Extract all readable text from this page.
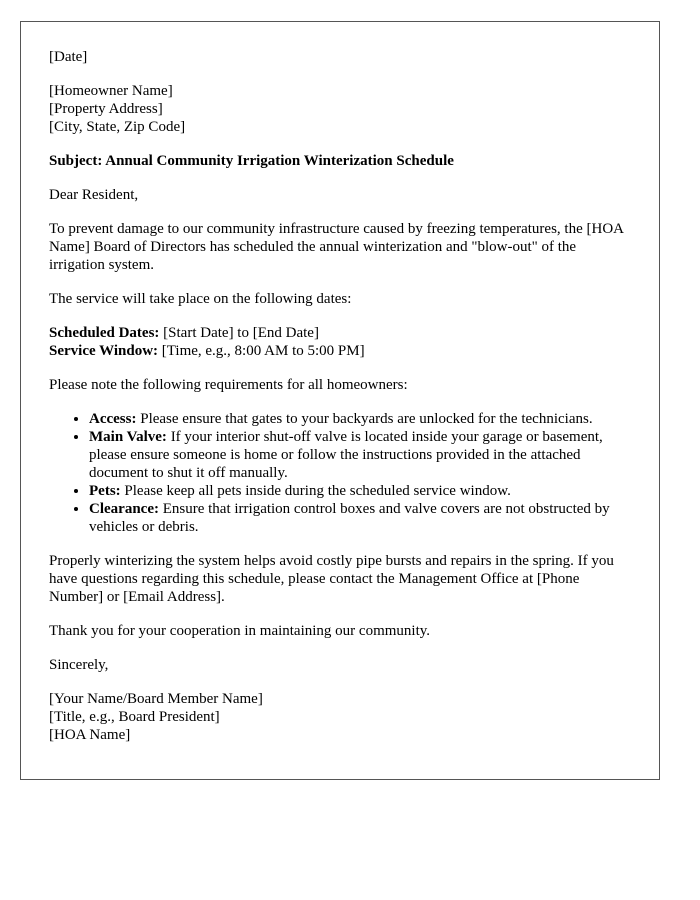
[Date]

[Homeowner Name]
[Property Address]
[City, State, Zip Code]

Subject: Annual Community Irrigation Winterization Schedule

Dear Resident,

To prevent damage to our community infrastructure caused by freezing temperatures, the [HOA Name] Board of Directors has scheduled the annual winterization and "blow-out" of the irrigation system.

The service will take place on the following dates:

Scheduled Dates: [Start Date] to [End Date]
Service Window: [Time, e.g., 8:00 AM to 5:00 PM]

Please note the following requirements for all homeowners:

• Access: Please ensure that gates to your backyards are unlocked for the technicians.
• Main Valve: If your interior shut-off valve is located inside your garage or basement, please ensure someone is home or follow the instructions provided in the attached document to shut it off manually.
• Pets: Please keep all pets inside during the scheduled service window.
• Clearance: Ensure that irrigation control boxes and valve covers are not obstructed by vehicles or debris.

Properly winterizing the system helps avoid costly pipe bursts and repairs in the spring. If you have questions regarding this schedule, please contact the Management Office at [Phone Number] or [Email Address].

Thank you for your cooperation in maintaining our community.

Sincerely,

[Your Name/Board Member Name]
[Title, e.g., Board President]
[HOA Name]
